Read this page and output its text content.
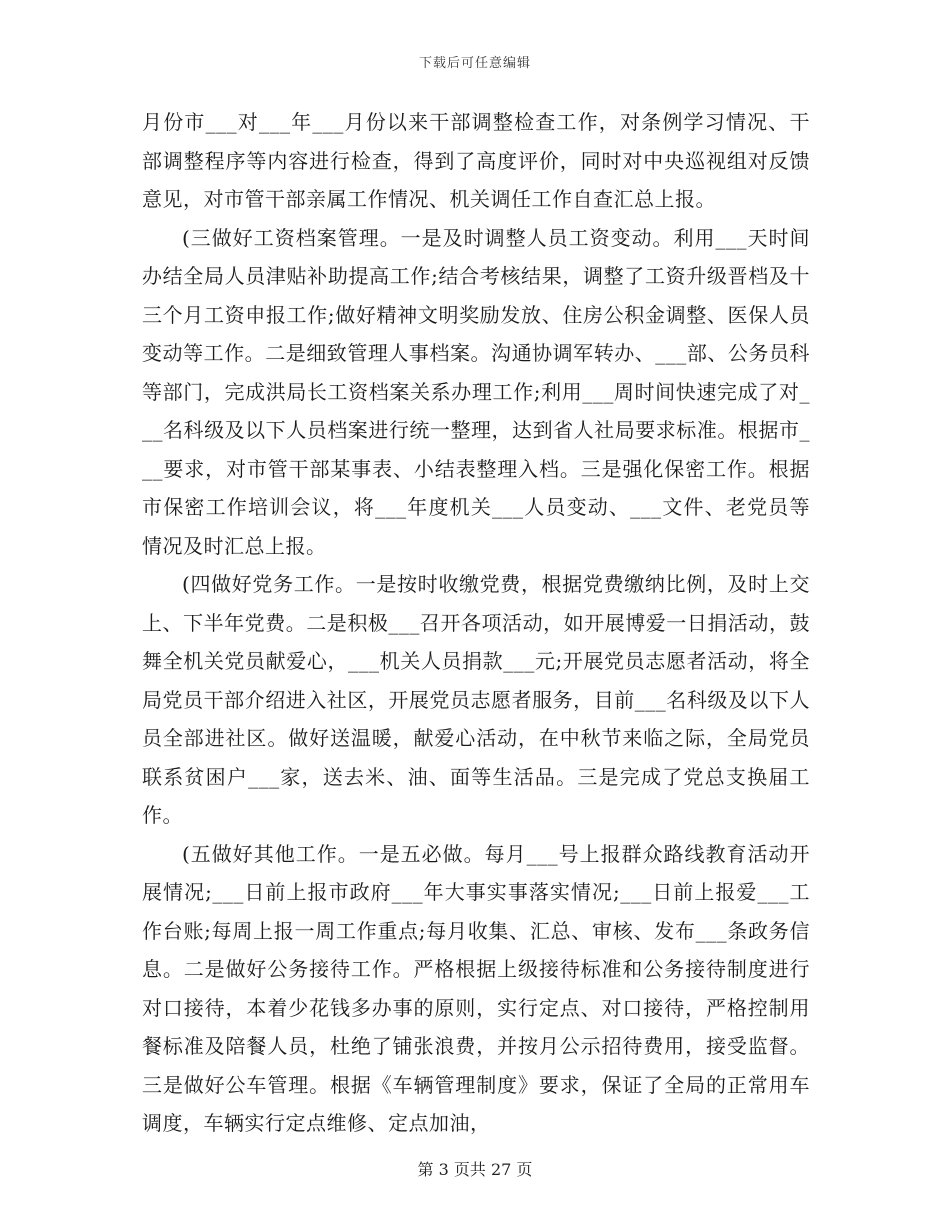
下载后可任意编辑

月份市___对___年___月份以来干部调整检查工作，对条例学习情况、干部调整程序等内容进行检查，得到了高度评价，同时对中央巡视组对反馈意见，对市管干部亲属工作情况、机关调任工作自查汇总上报。

(三做好工资档案管理。一是及时调整人员工资变动。利用___天时间办结全局人员津贴补助提高工作;结合考核结果，调整了工资升级晋档及十三个月工资申报工作;做好精神文明奖励发放、住房公积金调整、医保人员变动等工作。二是细致管理人事档案。沟通协调军转办、___部、公务员科等部门，完成洪局长工资档案关系办理工作;利用___周时间快速完成了对___名科级及以下人员档案进行统一整理，达到省人社局要求标准。根据市___要求，对市管干部某事表、小结表整理入档。三是强化保密工作。根据市保密工作培训会议，将___年度机关___人员变动、___文件、老党员等情况及时汇总上报。

(四做好党务工作。一是按时收缴党费，根据党费缴纳比例，及时上交上、下半年党费。二是积极___召开各项活动，如开展博爱一日捐活动，鼓舞全机关党员献爱心，___机关人员捐款___元;开展党员志愿者活动，将全局党员干部介绍进入社区，开展党员志愿者服务，目前___名科级及以下人员全部进社区。做好送温暖，献爱心活动，在中秋节来临之际，全局党员联系贫困户___家，送去米、油、面等生活品。三是完成了党总支换届工作。

(五做好其他工作。一是五必做。每月___号上报群众路线教育活动开展情况;___日前上报市政府___年大事实事落实情况;___日前上报爱___工作台账;每周上报一周工作重点;每月收集、汇总、审核、发布___条政务信息。二是做好公务接待工作。严格根据上级接待标准和公务接待制度进行对口接待，本着少花钱多办事的原则，实行定点、对口接待，严格控制用餐标准及陪餐人员，杜绝了铺张浪费，并按月公示招待费用，接受监督。三是做好公车管理。根据《车辆管理制度》要求，保证了全局的正常用车调度，车辆实行定点维修、定点加油，

第 3 页共 27 页
